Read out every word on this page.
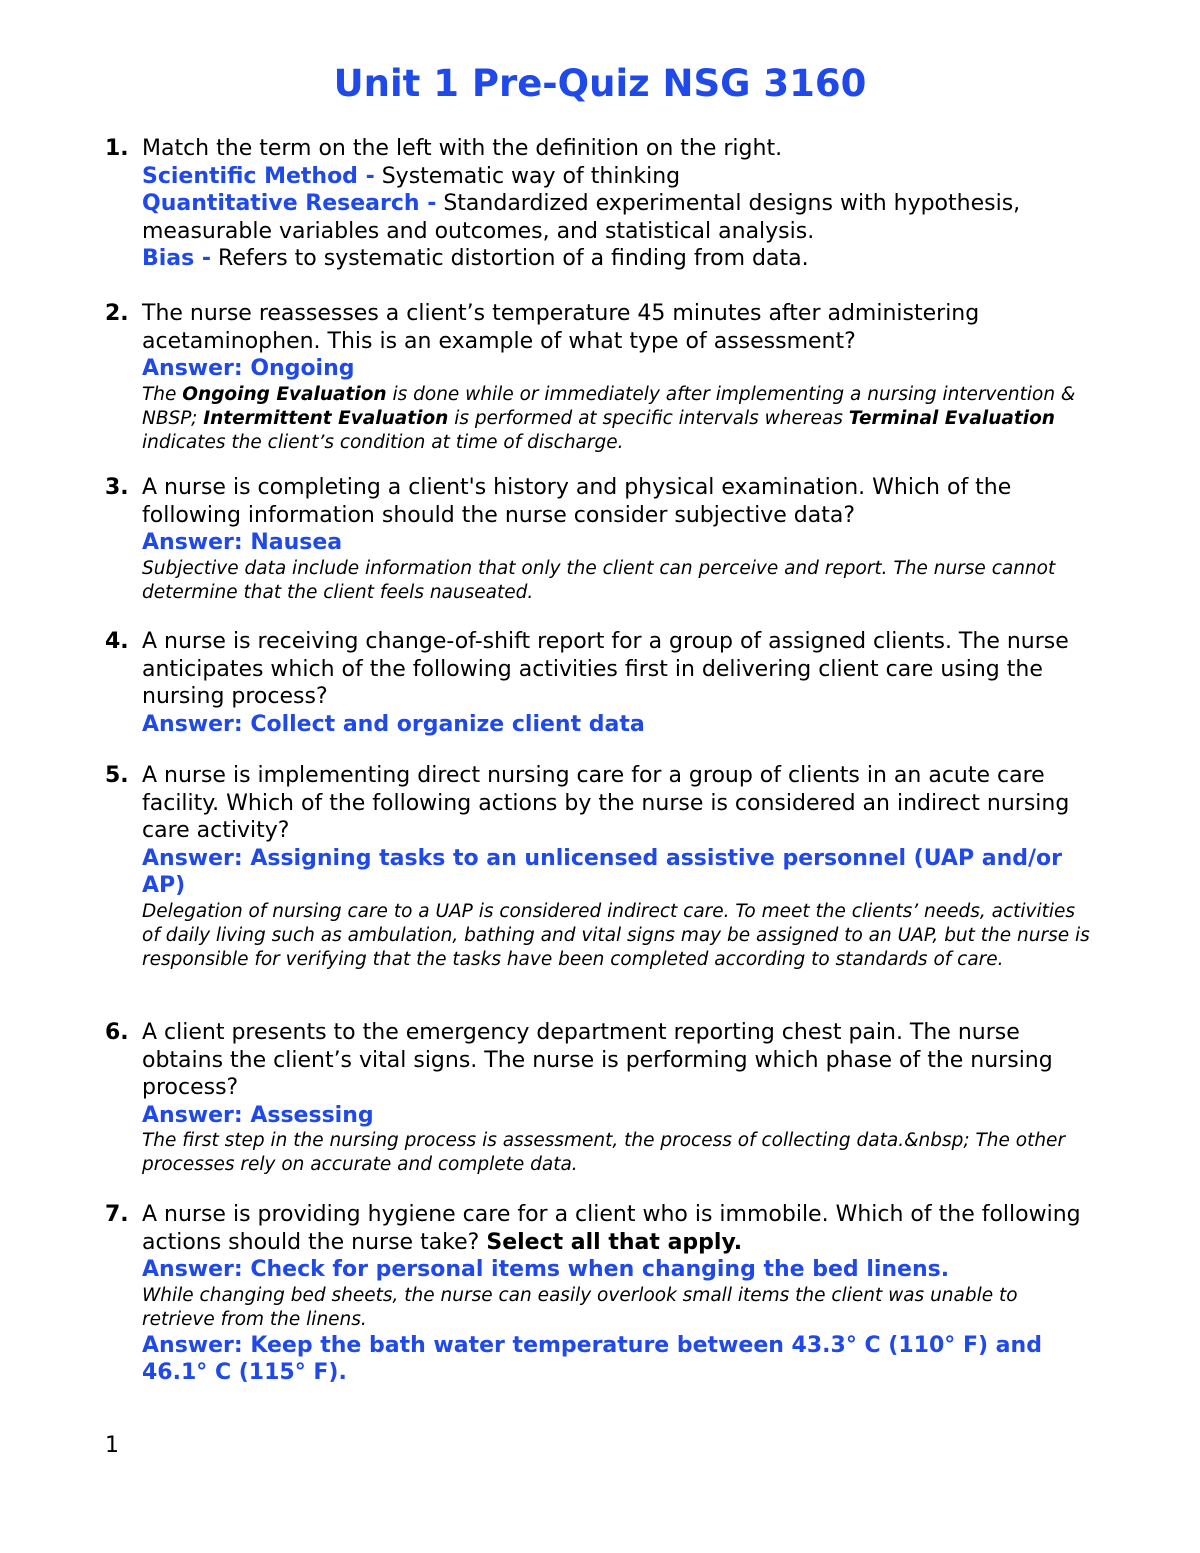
Unit 1 Pre-Quiz NSG 3160
1. Match the term on the left with the definition on the right.
Scientific Method - Systematic way of thinking
Quantitative Research - Standardized experimental designs with hypothesis, measurable variables and outcomes, and statistical analysis.
Bias - Refers to systematic distortion of a finding from data.
2. The nurse reassesses a client’s temperature 45 minutes after administering acetaminophen. This is an example of what type of assessment?
Answer: Ongoing
The Ongoing Evaluation is done while or immediately after implementing a nursing intervention & NBSP; Intermittent Evaluation is performed at specific intervals whereas Terminal Evaluation indicates the client’s condition at time of discharge.
3. A nurse is completing a client's history and physical examination. Which of the following information should the nurse consider subjective data?
Answer: Nausea
Subjective data include information that only the client can perceive and report. The nurse cannot determine that the client feels nauseated.
4. A nurse is receiving change-of-shift report for a group of assigned clients. The nurse anticipates which of the following activities first in delivering client care using the nursing process?
Answer: Collect and organize client data
5. A nurse is implementing direct nursing care for a group of clients in an acute care facility. Which of the following actions by the nurse is considered an indirect nursing care activity?
Answer: Assigning tasks to an unlicensed assistive personnel (UAP and/or AP)
Delegation of nursing care to a UAP is considered indirect care. To meet the clients’ needs, activities of daily living such as ambulation, bathing and vital signs may be assigned to an UAP, but the nurse is responsible for verifying that the tasks have been completed according to standards of care.
6. A client presents to the emergency department reporting chest pain. The nurse obtains the client’s vital signs. The nurse is performing which phase of the nursing process?
Answer: Assessing
The first step in the nursing process is assessment, the process of collecting data.&nbsp; The other processes rely on accurate and complete data.
7. A nurse is providing hygiene care for a client who is immobile. Which of the following actions should the nurse take? Select all that apply.
Answer: Check for personal items when changing the bed linens.
While changing bed sheets, the nurse can easily overlook small items the client was unable to retrieve from the linens.
Answer: Keep the bath water temperature between 43.3° C (110° F) and 46.1° C (115° F).
1
